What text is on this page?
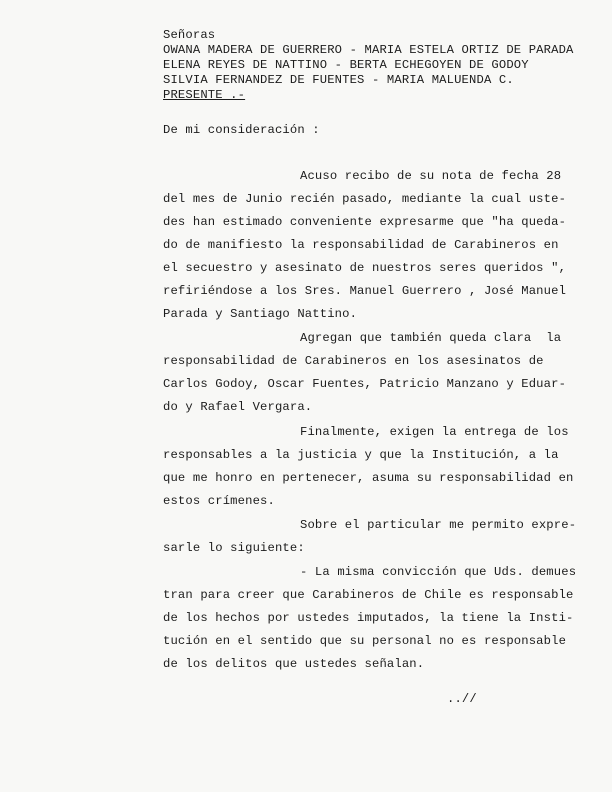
Señoras
OWANA MADERA DE GUERRERO - MARIA ESTELA ORTIZ DE PARADA
ELENA REYES DE NATTINO - BERTA ECHEGOYEN DE GODOY
SILVIA FERNANDEZ DE FUENTES - MARIA MALUENDA C.
PRESENTE .-
De mi consideración :
Acuso recibo de su nota de fecha 28
del mes de Junio recién pasado, mediante la cual uste-
des han estimado conveniente expresarme que "ha queda-
do de manifiesto la responsabilidad de Carabineros en
el secuestro y asesinato de nuestros seres queridos ",
refiriéndose a los Sres. Manuel Guerrero , José Manuel
Parada y Santiago Nattino.
Agregan que también queda clara  la
responsabilidad de Carabineros en los asesinatos de
Carlos Godoy, Oscar Fuentes, Patricio Manzano y Eduar-
do y Rafael Vergara.
Finalmente, exigen la entrega de los
responsables a la justicia y que la Institución, a la
que me honro en pertenecer, asuma su responsabilidad en
estos crímenes.
Sobre el particular me permito expre-
sarle lo siguiente:
- La misma convicción que Uds. demues
tran para creer que Carabineros de Chile es responsable
de los hechos por ustedes imputados, la tiene la Insti-
tución en el sentido que su personal no es responsable
de los delitos que ustedes señalan.
..//
